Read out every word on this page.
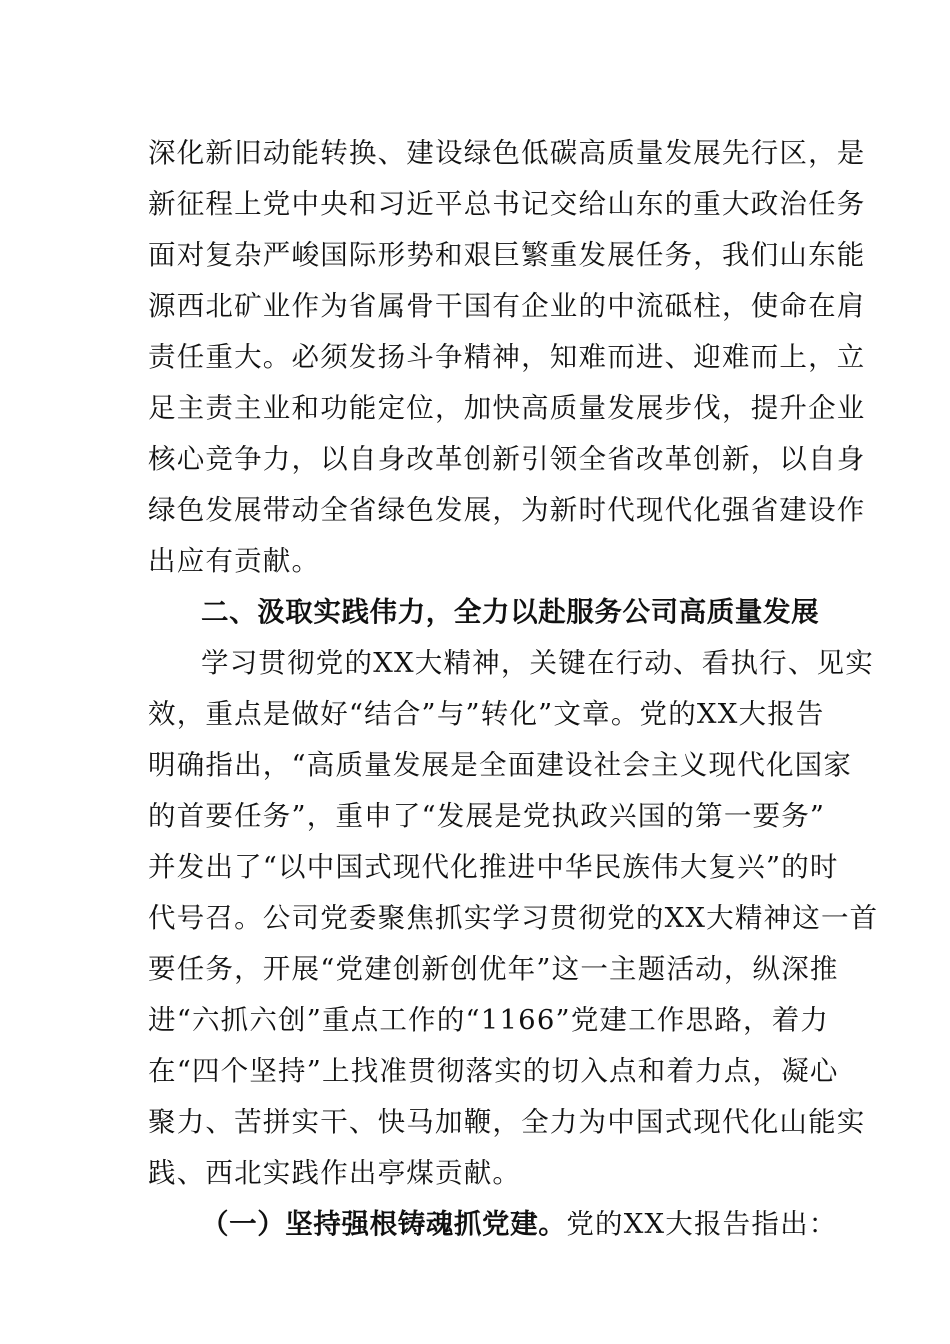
深化新旧动能转换、建设绿色低碳高质量发展先行区，是
新征程上党中央和习近平总书记交给山东的重大政治任务
面对复杂严峻国际形势和艰巨繁重发展任务，我们山东能
源西北矿业作为省属骨干国有企业的中流砥柱，使命在肩
责任重大。必须发扬斗争精神，知难而进、迎难而上，立
足主责主业和功能定位，加快高质量发展步伐，提升企业
核心竞争力，以自身改革创新引领全省改革创新，以自身
绿色发展带动全省绿色发展，为新时代现代化强省建设作
出应有贡献。
二、汲取实践伟力，全力以赴服务公司高质量发展
学习贯彻党的XX大精神，关键在行动、看执行、见实
效，重点是做好“结合”与”转化”文章。党的XX大报告
明确指出，“高质量发展是全面建设社会主义现代化国家
的首要任务”，重申了“发展是党执政兴国的第一要务”
并发出了“以中国式现代化推进中华民族伟大复兴”的时
代号召。公司党委聚焦抓实学习贯彻党的XX大精神这一首
要任务，开展“党建创新创优年”这一主题活动，纵深推
进“六抓六创”重点工作的“1166”党建工作思路，着力
在“四个坚持”上找准贯彻落实的切入点和着力点，凝心
聚力、苦拼实干、快马加鞭，全力为中国式现代化山能实
践、西北实践作出亭煤贡献。
（一）坚持强根铸魂抓党建。党的XX大报告指出：
